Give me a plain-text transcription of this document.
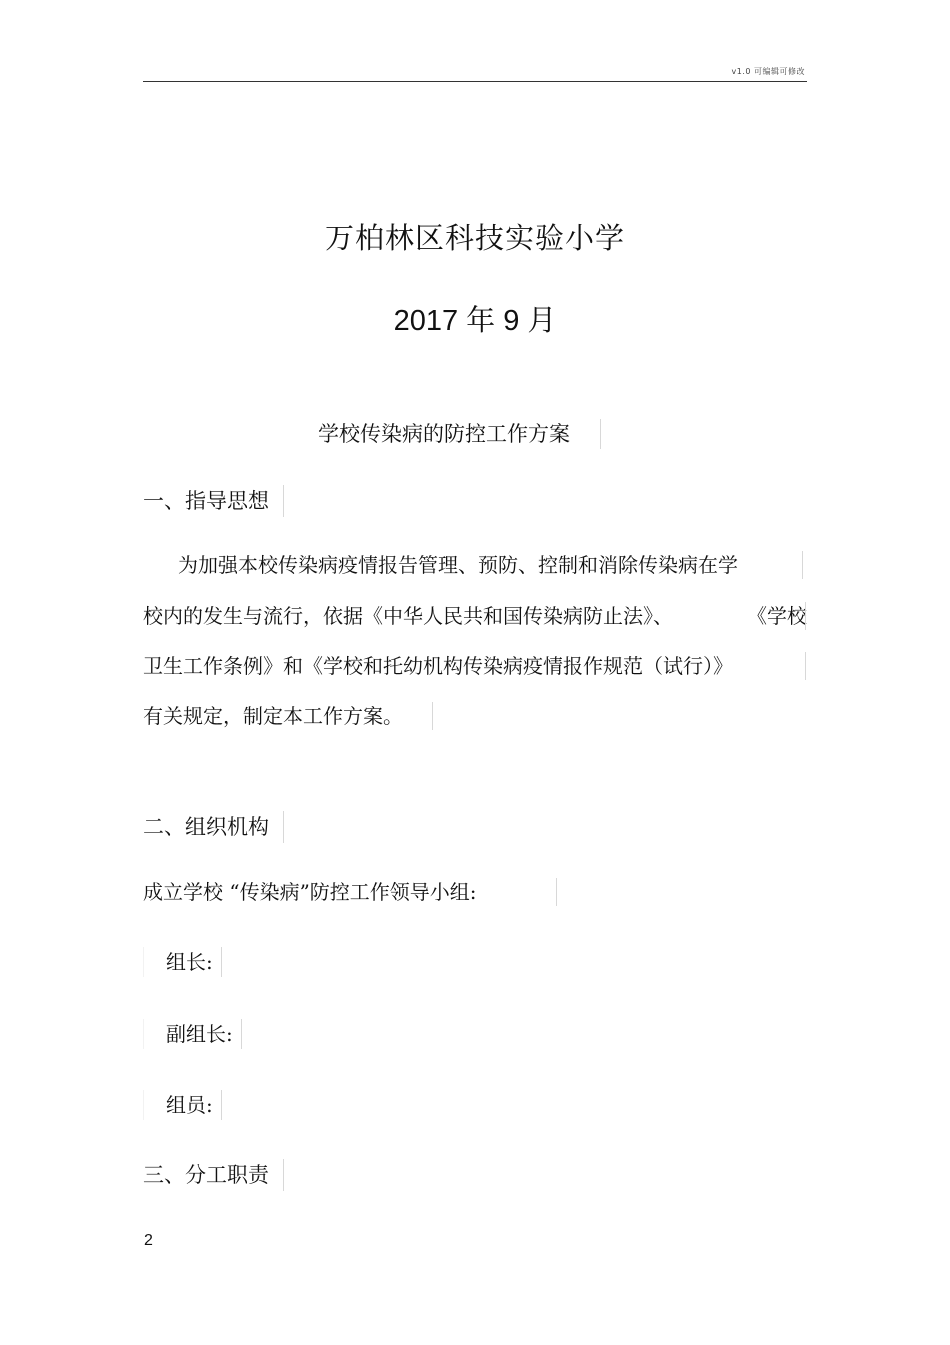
v1.0 可编辑可修改
万柏林区科技实验小学
2017 年 9 月
学校传染病的防控工作方案
一、指导思想
为加强本校传染病疫情报告管理、预防、控制和消除传染病在学
校内的发生与流行，依据《中华人民共和国传染病防止法》、	《学校
卫生工作条例》和《学校和托幼机构传染病疫情报作规范（试行）》
有关规定，制定本工作方案。
二、组织机构
成立学校 “传染病”防控工作领导小组:
组长:
副组长:
组员:
三、分工职责
2
